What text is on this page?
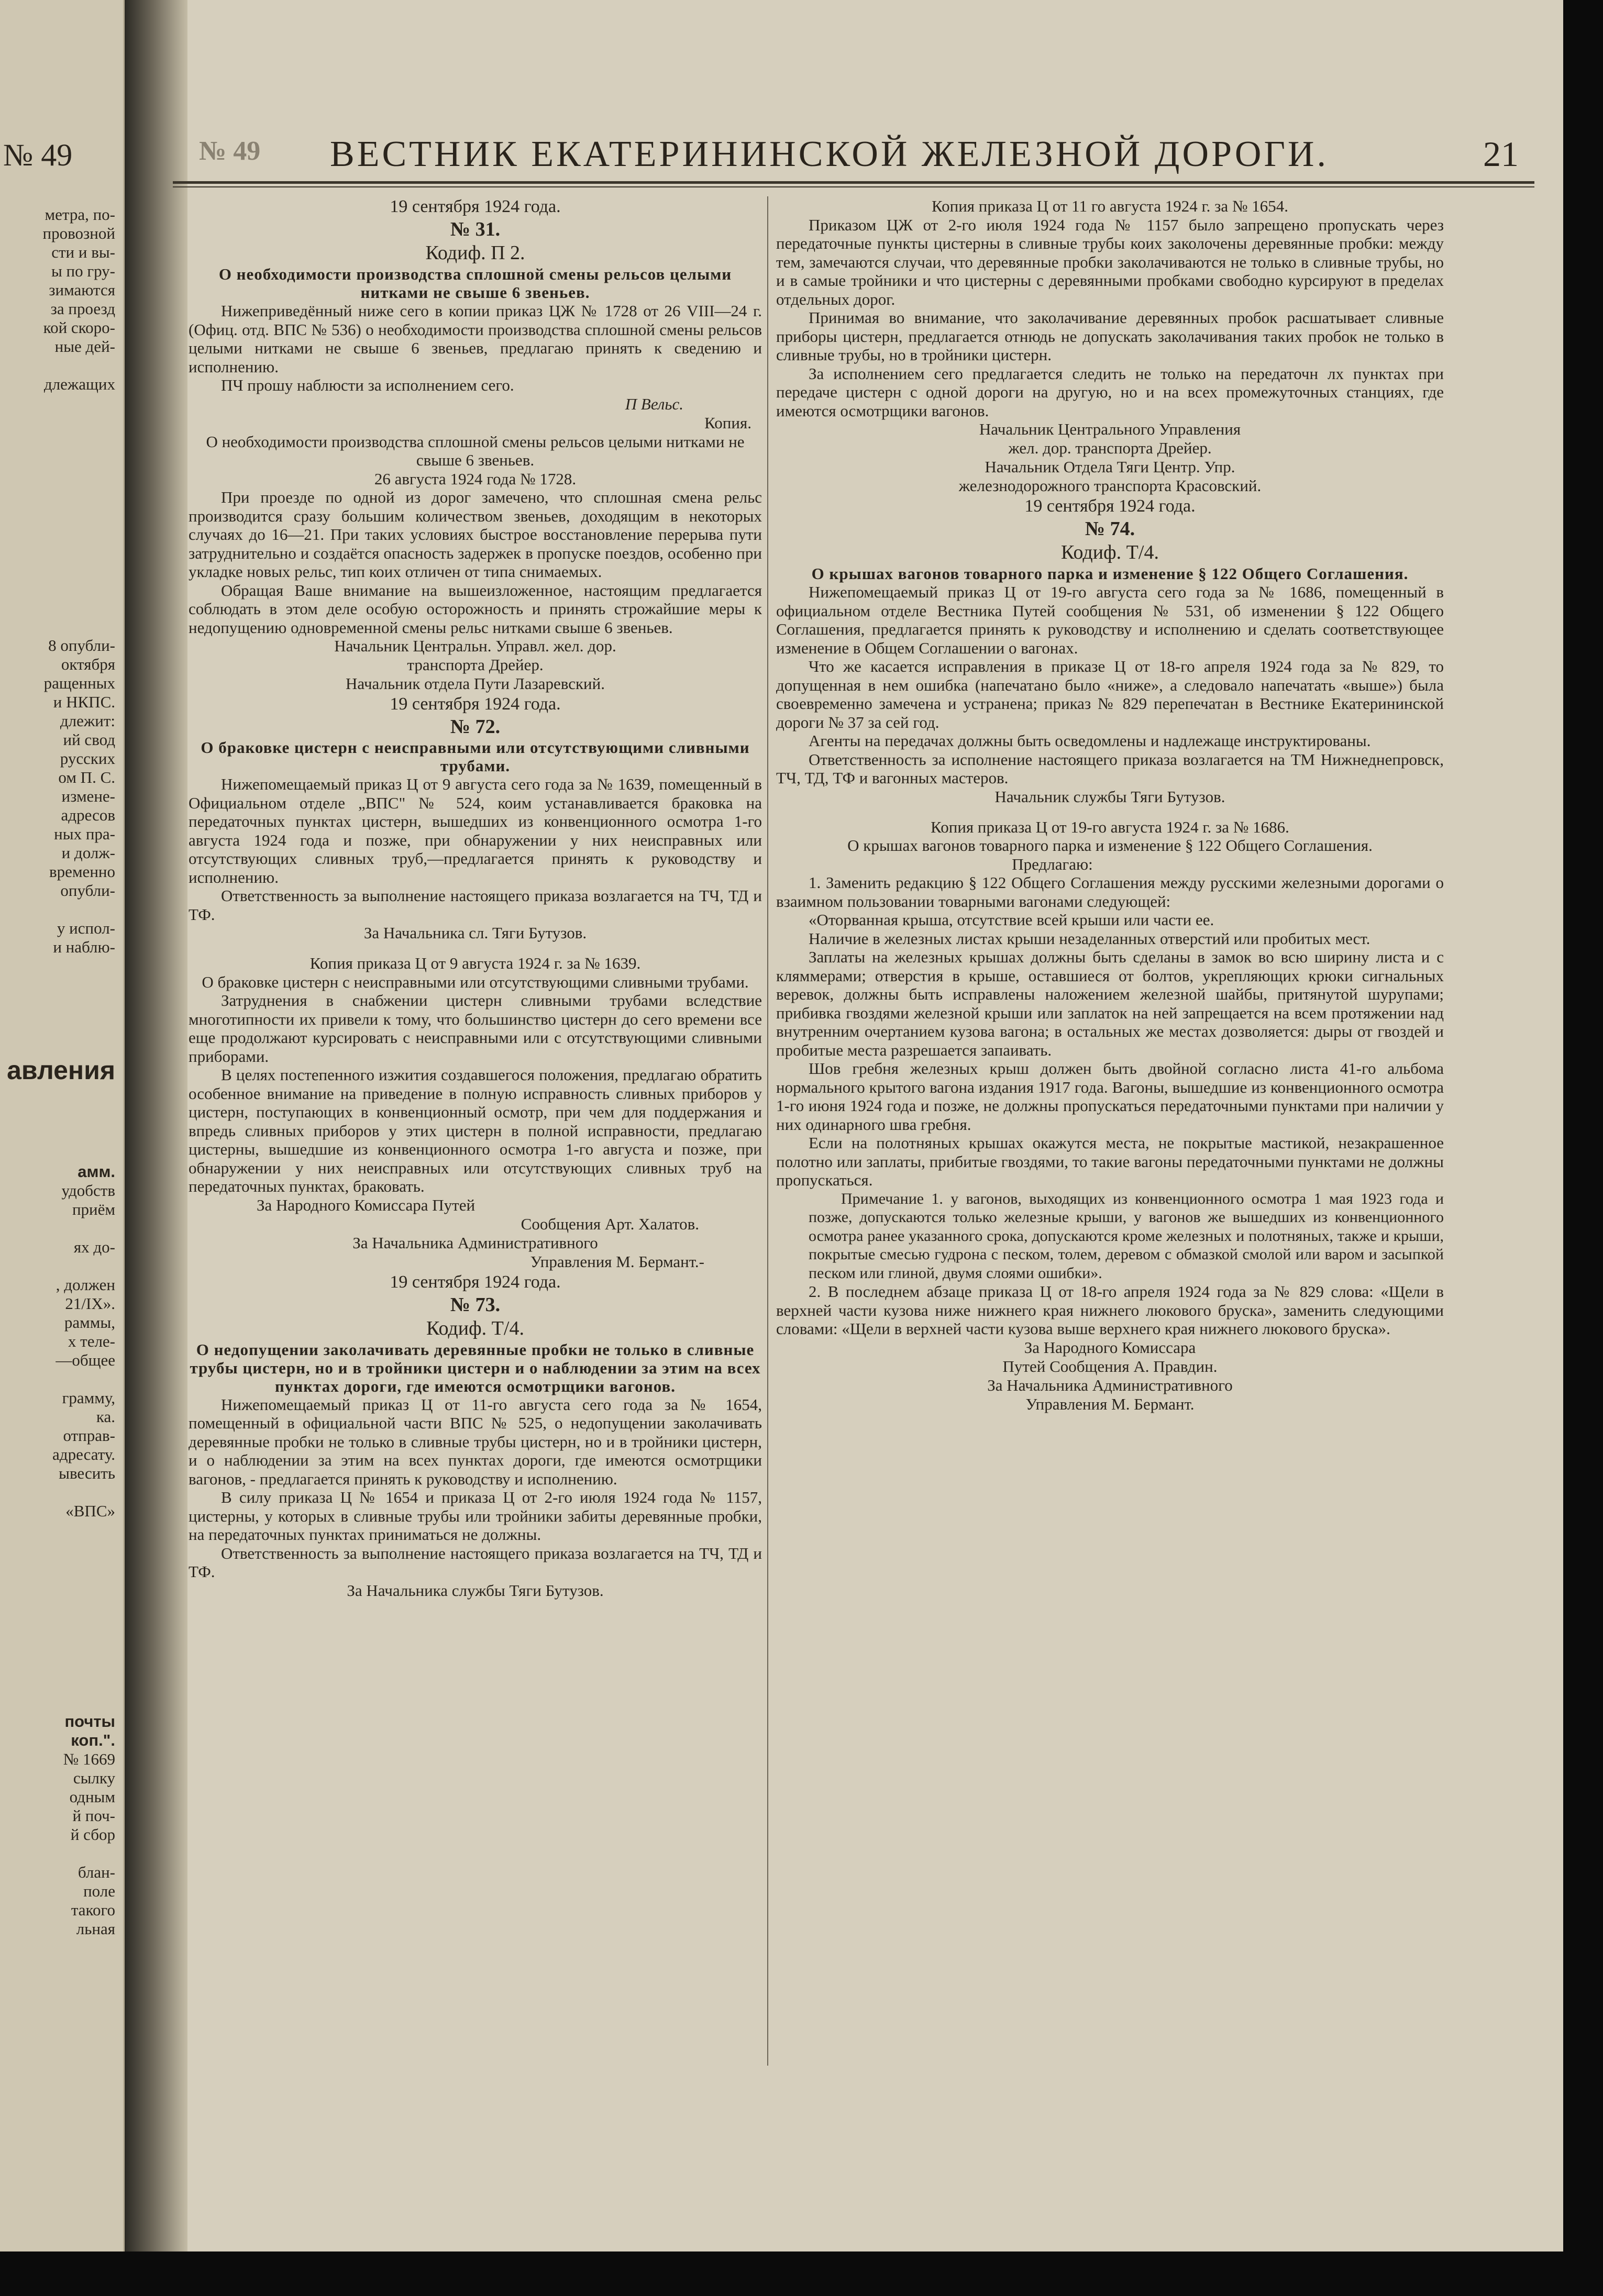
№ 49
метра, по-
провозной
сти и вы-
ы по гру-
зимаются
за проезд
кой скоро-
ные дей-

длежащих
8 опубли-
октября
ращенных
и НКПС.
длежит:
ий свод
русских
ом П. С.
измене-
адресов
ных пра-
и долж-
временно
опубли-

у испол-
и наблю-
авления
амм.
удобств
приём

ях до-

, должен
21/IX».
раммы,
х теле-
—общее

грамму,
ка.
отправ-
адресату.
ывесить

«ВПС»
почты
коп.".
№ 1669
сылку
одным
й поч-
й сбор

блан-
поле
такого
льная
№ 49 ВЕСТНИК ЕКАТЕРИНИНСКОЙ ЖЕЛЕЗНОЙ ДОРОГИ.	21
19 сентября 1924 года.
№ 31.
Кодиф. П 2.
О необходимости производства сплошной смены рельсов целыми нитками не свыше 6 звеньев.
Нижеприведённый ниже сего в копии приказ ЦЖ № 1728 от 26 VIII—24 г. (Офиц. отд. ВПС № 536) о необходимости производства сплошной смены рельсов целыми нитками не свыше 6 звеньев, предлагаю принять к сведению и исполнению.
ПЧ прошу наблюсти за исполнением сего.
П Вельс.
Копия.
О необходимости производства сплошной смены рельсов целыми нитками не свыше 6 звеньев.
26 августа 1924 года № 1728.
При проезде по одной из дорог замечено, что сплошная смена рельс производится сразу большим количеством звеньев, доходящим в некоторых случаях до 16—21. При таких условиях быстрое восстановление перерыва пути затруднительно и создаётся опасность задержек в пропуске поездов, особенно при укладке новых рельс, тип коих отличен от типа снимаемых.
Обращая Ваше внимание на вышеизложенное, настоящим предлагается соблюдать в этом деле особую осторожность и принять строжайшие меры к недопущению одновременной смены рельс нитками свыше 6 звеньев.
Начальник Центральн. Управл. жел. дор.
транспорта Дрейер.
Начальник отдела Пути Лазаревский.
19 сентября 1924 года.
№ 72.
О браковке цистерн с неисправными или отсутствующими сливными трубами.
Нижепомещаемый приказ Ц от 9 августа сего года за № 1639, помещенный в Официальном отделе „ВПС" № 524, коим устанавливается браковка на передаточных пунктах цистерн, вышедших из конвенционного осмотра 1-го августа 1924 года и позже, при обнаружении у них неисправных или отсутствующих сливных труб,—предлагается принять к руководству и исполнению.
Ответственность за выполнение настоящего приказа возлагается на ТЧ, ТД и ТФ.
За Начальника сл. Тяги Бутузов.
Копия приказа Ц от 9 августа 1924 г. за № 1639.
О браковке цистерн с неисправными или отсутствующими сливными трубами.
Затруднения в снабжении цистерн сливными трубами вследствие многотипности их привели к тому, что большинство цистерн до сего времени все еще продолжают курсировать с неисправными или с отсутствующими сливными приборами.
В целях постепенного изжития создавшегося положения, предлагаю обратить особенное внимание на приведение в полную исправность сливных приборов у цистерн, поступающих в конвенционный осмотр, при чем для поддержания и впредь сливных приборов у этих цистерн в полной исправности, предлагаю цистерны, вышедшие из конвенционного осмотра 1-го августа и позже, при обнаружении у них неисправных или отсутствующих сливных труб на передаточных пунктах, браковать.
За Народного Комиссара Путей
Сообщения Арт. Халатов.
За Начальника Административного
Управления М. Бермант.-
19 сентября 1924 года.
№ 73.
Кодиф. Т/4.
О недопущении заколачивать деревянные пробки не только в сливные трубы цистерн, но и в тройники цистерн и о наблюдении за этим на всех пунктах дороги, где имеются осмотрщики вагонов.
Нижепомещаемый приказ Ц от 11-го августа сего года за № 1654, помещенный в официальной части ВПС № 525, о недопущении заколачивать деревянные пробки не только в сливные трубы цистерн, но и в тройники цистерн, и о наблюдении за этим на всех пунктах дороги, где имеются осмотрщики вагонов, - предлагается принять к руководству и исполнению.
В силу приказа Ц № 1654 и приказа Ц от 2-го июля 1924 года № 1157, цистерны, у которых в сливные трубы или тройники забиты деревянные пробки, на передаточных пунктах приниматься не должны.
Ответственность за выполнение настоящего приказа возлагается на ТЧ, ТД и ТФ.
За Начальника службы Тяги Бутузов.
Копия приказа Ц от 11 го августа 1924 г. за № 1654.
Приказом ЦЖ от 2-го июля 1924 года № 1157 было запрещено пропускать через передаточные пункты цистерны в сливные трубы коих заколочены деревянные пробки: между тем, замечаются случаи, что деревянные пробки заколачиваются не только в сливные трубы, но и в самые тройники и что цистерны с деревянными пробками свободно курсируют в пределах отдельных дорог.
Принимая во внимание, что заколачивание деревянных пробок расшатывает сливные приборы цистерн, предлагается отнюдь не допускать заколачивания таких пробок не только в сливные трубы, но в тройники цистерн.
За исполнением сего предлагается следить не только на передаточн лх пунктах при передаче цистерн с одной дороги на другую, но и на всех промежуточных станциях, где имеются осмотрщики вагонов.
Начальник Центрального Управления
жел. дор. транспорта Дрейер.
Начальник Отдела Тяги Центр. Упр.
железнодорожного транспорта Красовский.
19 сентября 1924 года.
№ 74.
Кодиф. Т/4.
О крышах вагонов товарного парка и изменение § 122 Общего Соглашения.
Нижепомещаемый приказ Ц от 19-го августа сего года за № 1686, помещенный в официальном отделе Вестника Путей сообщения № 531, об изменении § 122 Общего Соглашения, предлагается принять к руководству и исполнению и сделать соответствующее изменение в Общем Соглашении о вагонах.
Что же касается исправления в приказе Ц от 18-го апреля 1924 года за № 829, то допущенная в нем ошибка (напечатано было «ниже», а следовало напечатать «выше») была своевременно замечена и устранена; приказ № 829 перепечатан в Вестнике Екатерининской дороги № 37 за сей год.
Агенты на передачах должны быть осведомлены и надлежаще инструктированы.
Ответственность за исполнение настоящего приказа возлагается на ТМ Нижнеднепровск, ТЧ, ТД, ТФ и вагонных мастеров.
Начальник службы Тяги Бутузов.
Копия приказа Ц от 19-го августа 1924 г. за № 1686.
О крышах вагонов товарного парка и изменение § 122 Общего Соглашения.
Предлагаю:
1. Заменить редакцию § 122 Общего Соглашения между русскими железными дорогами о взаимном пользовании товарными вагонами следующей:
«Оторванная крыша, отсутствие всей крыши или части ее.
Наличие в железных листах крыши незаделанных отверстий или пробитых мест.
Заплаты на железных крышах должны быть сделаны в замок во всю ширину листа и с кляммерами; отверстия в крыше, оставшиеся от болтов, укрепляющих крюки сигнальных веревок, должны быть исправлены наложением железной шайбы, притянутой шурупами; прибивка гвоздями железной крыши или заплаток на ней запрещается на всем протяжении над внутренним очертанием кузова вагона; в остальных же местах дозволяется: дыры от гвоздей и пробитые места разрешается запаивать.
Шов гребня железных крыш должен быть двойной согласно листа 41-го альбома нормального крытого вагона издания 1917 года. Вагоны, вышедшие из конвенционного осмотра 1-го июня 1924 года и позже, не должны пропускаться передаточными пунктами при наличии у них одинарного шва гребня.
Если на полотняных крышах окажутся места, не покрытые мастикой, незакрашенное полотно или заплаты, прибитые гвоздями, то такие вагоны передаточными пунктами не должны пропускаться.
Примечание 1. у вагонов, выходящих из конвенционного осмотра 1 мая 1923 года и позже, допускаются только железные крыши, у вагонов же вышедших из конвенционного осмотра ранее указанного срока, допускаются кроме железных и полотняных, также и крыши, покрытые смесью гудрона с песком, толем, деревом с обмазкой смолой или варом и засыпкой песком или глиной, двумя слоями ошибки».
2. В последнем абзаце приказа Ц от 18-го апреля 1924 года за № 829 слова: «Щели в верхней части кузова ниже нижнего края нижнего люкового бруска», заменить следующими словами: «Щели в верхней части кузова выше верхнего края нижнего люкового бруска».
За Народного Комиссара
Путей Сообщения А. Правдин.
За Начальника Административного
Управления М. Бермант.
